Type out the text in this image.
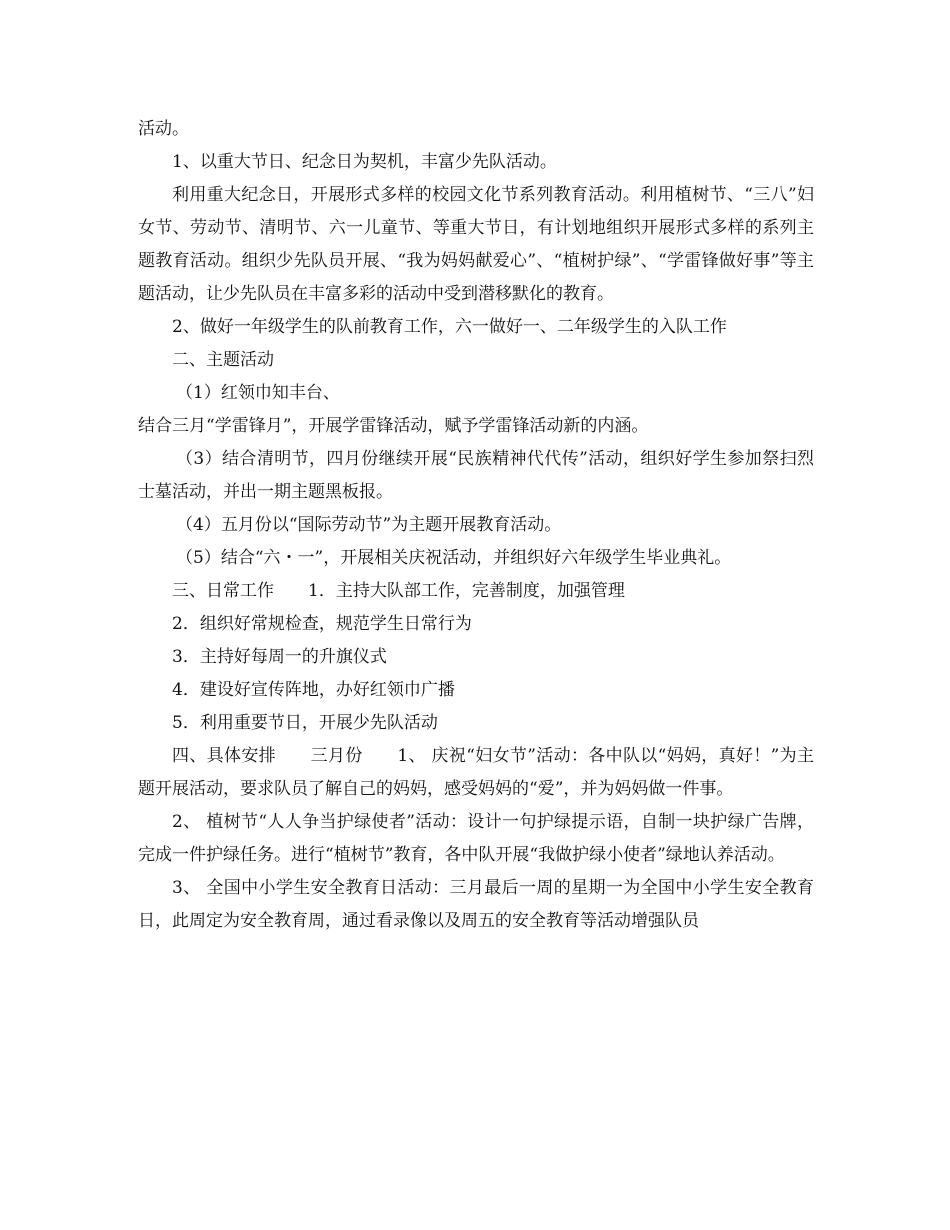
活动。

1、以重大节日、纪念日为契机，丰富少先队活动。

利用重大纪念日，开展形式多样的校园文化节系列教育活动。利用植树节、“三八”妇女节、劳动节、清明节、六一儿童节、等重大节日，有计划地组织开展形式多样的系列主题教育活动。组织少先队员开展、“我为妈妈献爱心”、“植树护绿”、“学雷锋做好事”等主题活动，让少先队员在丰富多彩的活动中受到潜移默化的教育。

2、做好一年级学生的队前教育工作，六一做好一、二年级学生的入队工作

二、主题活动

（1）红领巾知丰台、

结合三月“学雷锋月”，开展学雷锋活动，赋予学雷锋活动新的内涵。

（3）结合清明节，四月份继续开展“民族精神代代传”活动，组织好学生参加祭扫烈士墓活动，并出一期主题黑板报。

（4）五月份以“国际劳动节”为主题开展教育活动。

（5）结合“六・一”，开展相关庆祝活动，并组织好六年级学生毕业典礼。

三、日常工作　　1．主持大队部工作，完善制度，加强管理

2．组织好常规检查，规范学生日常行为

3．主持好每周一的升旗仪式

4．建设好宣传阵地，办好红领巾广播

5．利用重要节日，开展少先队活动

四、具体安排　　三月份　　1、 庆祝“妇女节”活动：各中队以“妈妈，真好！”为主题开展活动，要求队员了解自己的妈妈，感受妈妈的“爱”，并为妈妈做一件事。

2、 植树节“人人争当护绿使者”活动：设计一句护绿提示语，自制一块护绿广告牌，完成一件护绿任务。进行“植树节”教育，各中队开展“我做护绿小使者”绿地认养活动。

3、 全国中小学生安全教育日活动：三月最后一周的星期一为全国中小学生安全教育日，此周定为安全教育周，通过看录像以及周五的安全教育等活动增强队员
